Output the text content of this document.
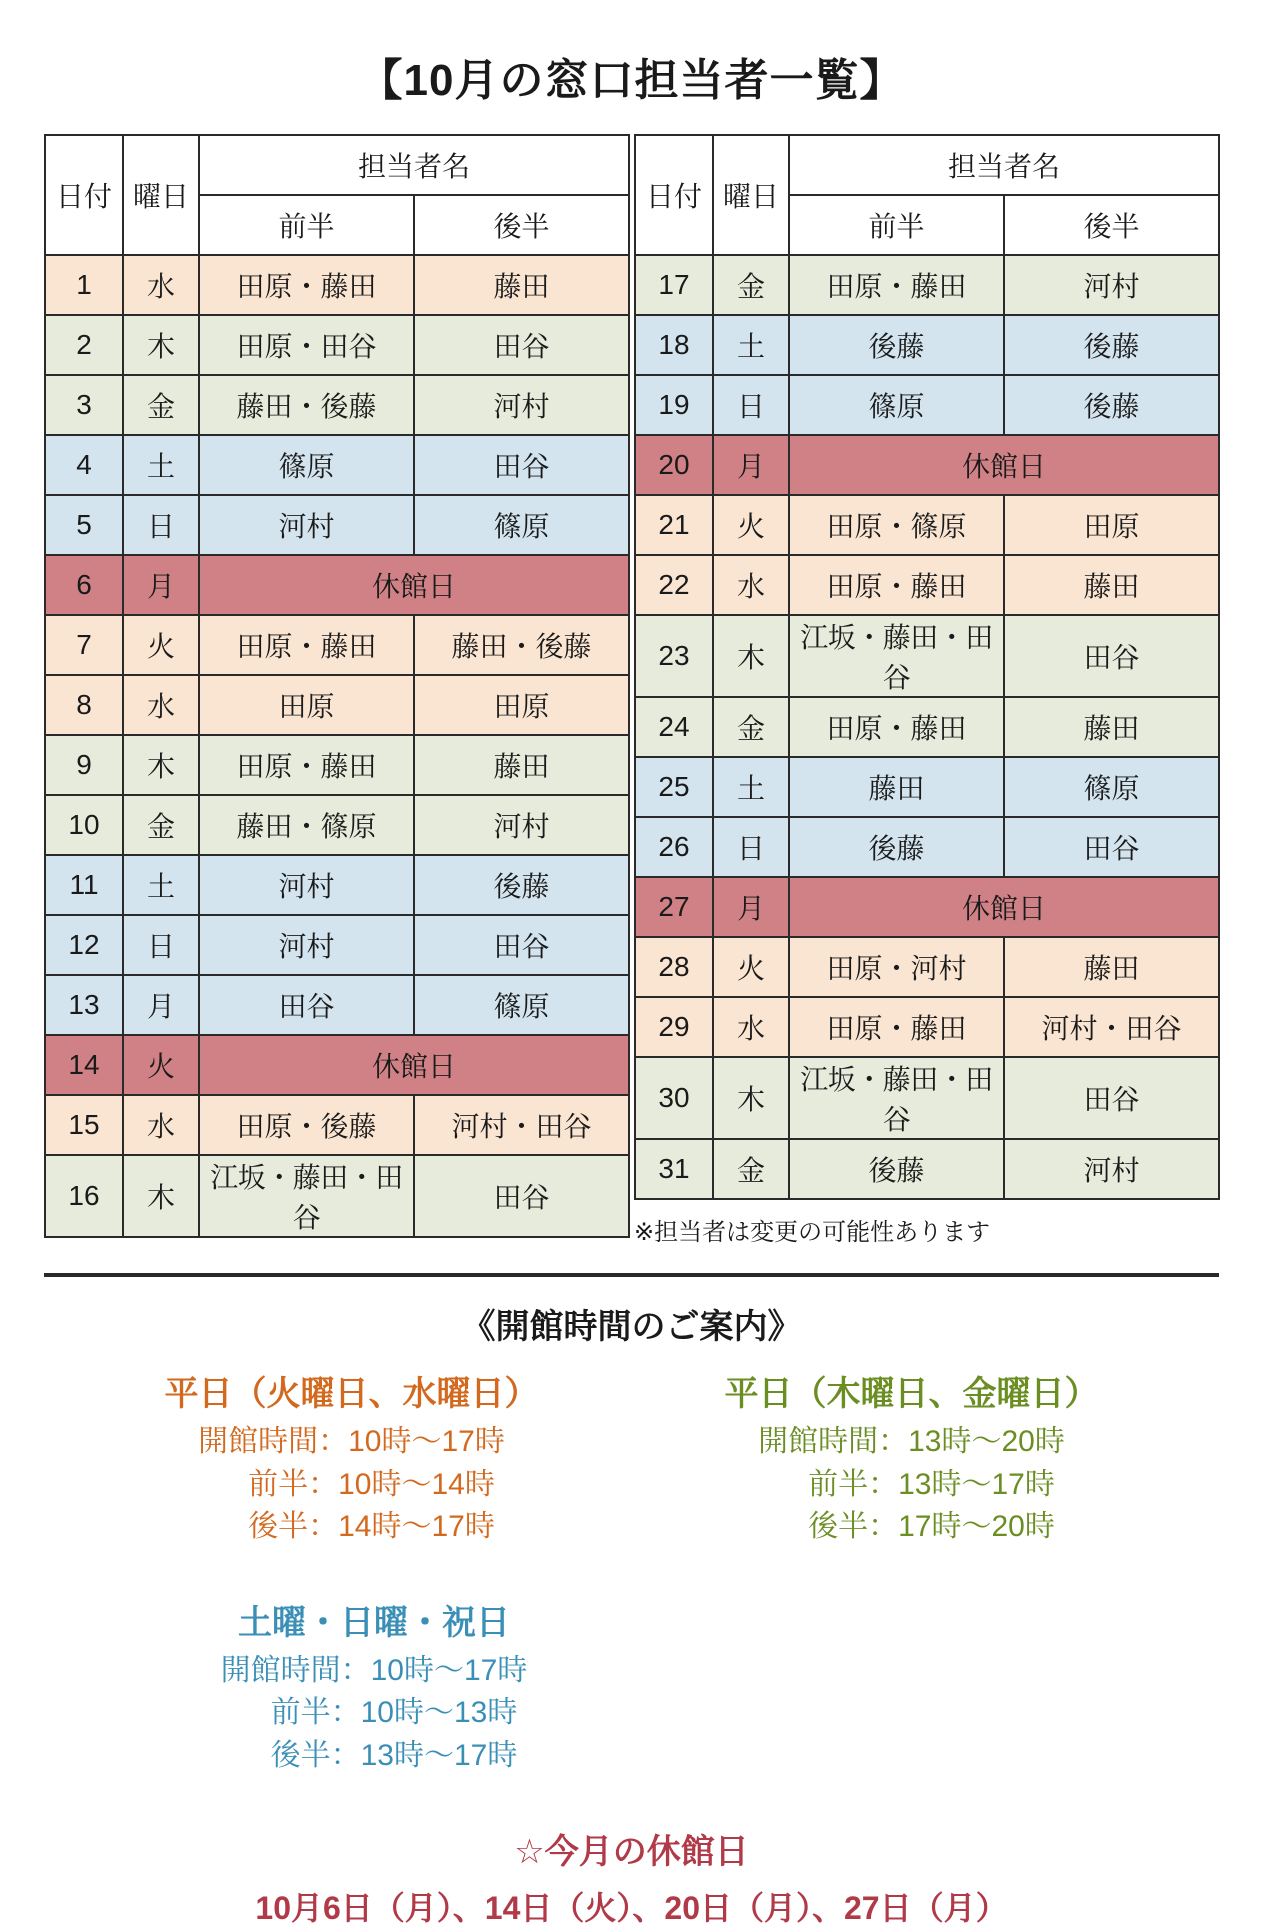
【10月の窓口担当者一覧】
日付	曜日	担当者名	
		前半	後半
1	水	田原・藤田	藤田
2	木	田原・田谷	田谷
3	金	藤田・後藤	河村
4	土	篠原	田谷
5	日	河村	篠原
6	月	休館日	
7	火	田原・藤田	藤田・後藤
8	水	田原	田原
9	木	田原・藤田	藤田
10	金	藤田・篠原	河村
11	土	河村	後藤
12	日	河村	田谷
13	月	田谷	篠原
14	火	休館日	
15	水	田原・後藤	河村・田谷
16	木	江坂・藤田・田谷	田谷
日付	曜日	担当者名	
		前半	後半
17	金	田原・藤田	河村
18	土	後藤	後藤
19	日	篠原	後藤
20	月	休館日	
21	火	田原・篠原	田原
22	水	田原・藤田	藤田
23	木	江坂・藤田・田谷	田谷
24	金	田原・藤田	藤田
25	土	藤田	篠原
26	日	後藤	田谷
27	月	休館日	
28	火	田原・河村	藤田
29	水	田原・藤田	河村・田谷
30	木	江坂・藤田・田谷	田谷
31	金	後藤	河村
※担当者は変更の可能性あります
《開館時間のご案内》
平日（火曜日、水曜日）
開館時間：10時〜17時
前半：10時〜14時
後半：14時〜17時
平日（木曜日、金曜日）
開館時間：13時〜20時
前半：13時〜17時
後半：17時〜20時
土曜・日曜・祝日
開館時間：10時〜17時
前半：10時〜13時
後半：13時〜17時
☆今月の休館日
10月6日（月）、14日（火）、20日（月）、27日（月）
